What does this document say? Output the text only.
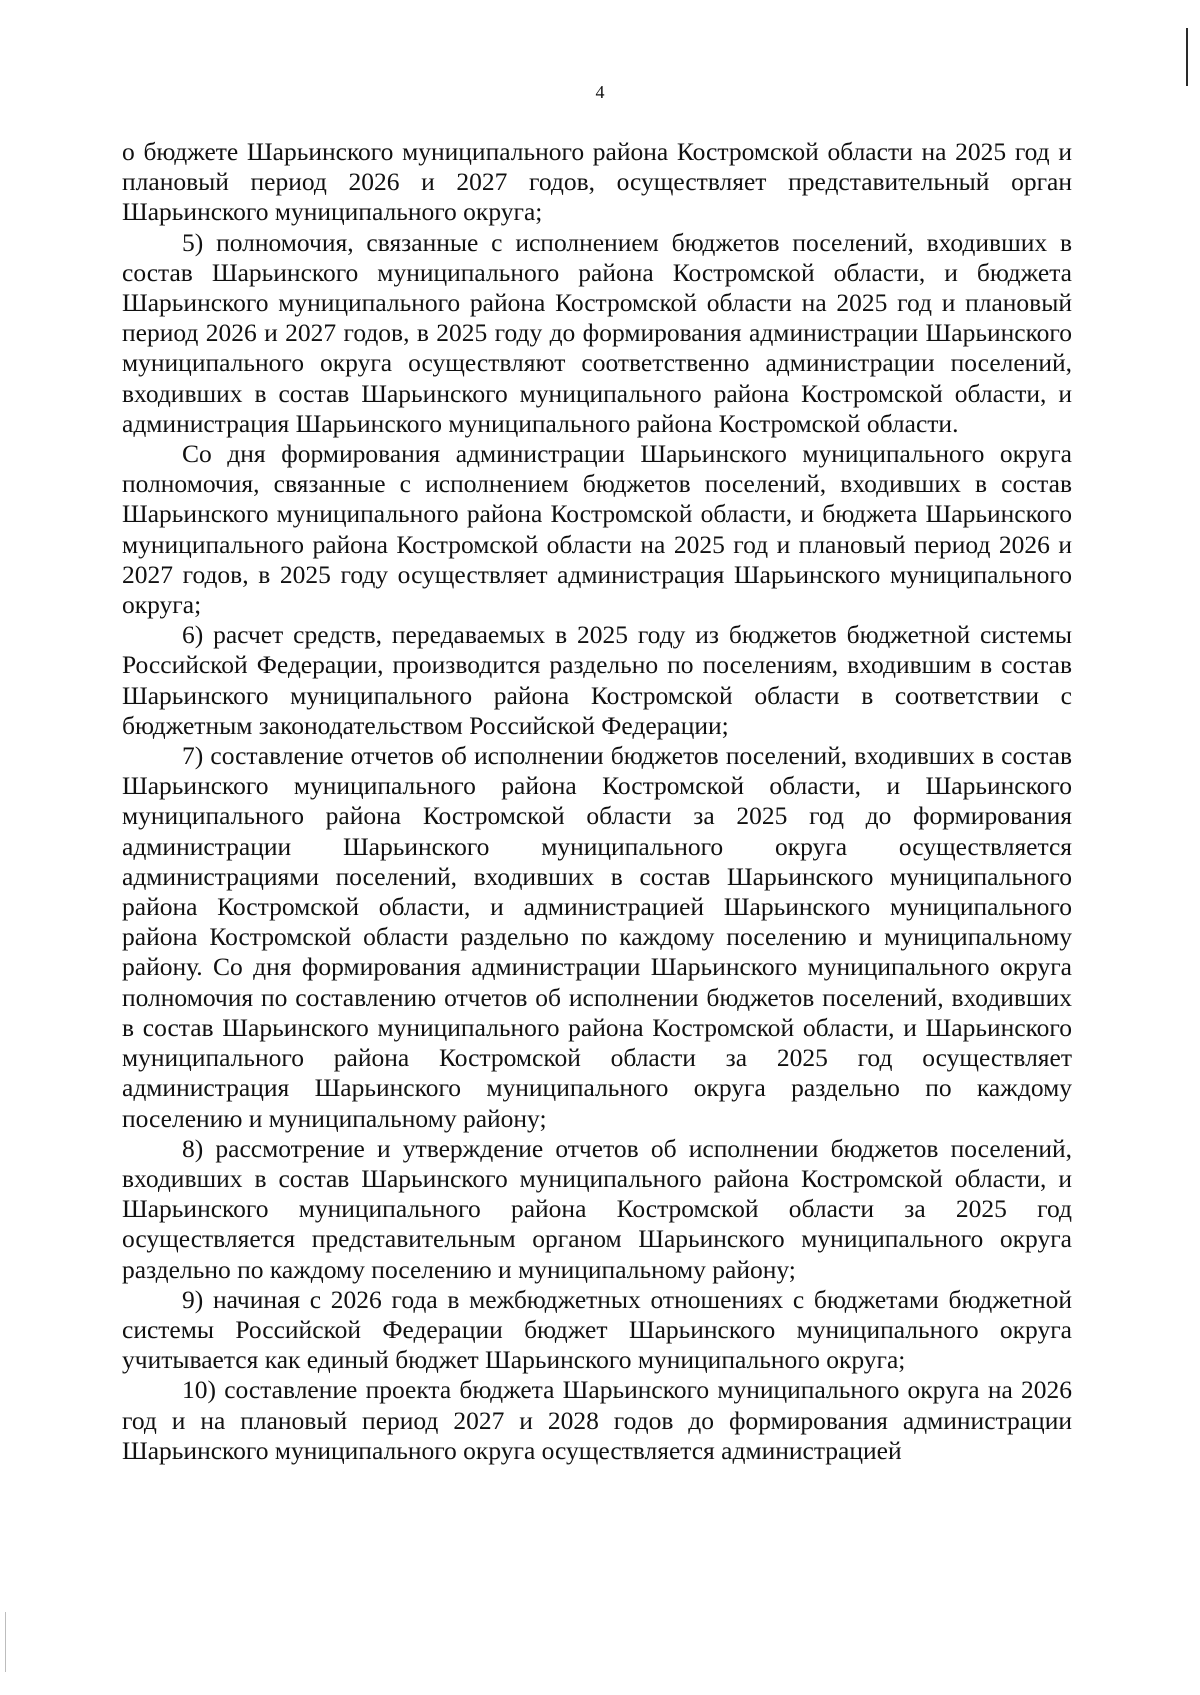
4

о бюджете Шарьинского муниципального района Костромской области на 2025 год и плановый период 2026 и 2027 годов, осуществляет представительный орган Шарьинского муниципального округа;

5) полномочия, связанные с исполнением бюджетов поселений, входивших в состав Шарьинского муниципального района Костромской области, и бюджета Шарьинского муниципального района Костромской области на 2025 год и плановый период 2026 и 2027 годов, в 2025 году до формирования администрации Шарьинского муниципального округа осуществляют соответственно администрации поселений, входивших в состав Шарьинского муниципального района Костромской области, и администрация Шарьинского муниципального района Костромской области.

Со дня формирования администрации Шарьинского муниципального округа полномочия, связанные с исполнением бюджетов поселений, входивших в состав Шарьинского муниципального района Костромской области, и бюджета Шарьинского муниципального района Костромской области на 2025 год и плановый период 2026 и 2027 годов, в 2025 году осуществляет администрация Шарьинского муниципального округа;

6) расчет средств, передаваемых в 2025 году из бюджетов бюджетной системы Российской Федерации, производится раздельно по поселениям, входившим в состав Шарьинского муниципального района Костромской области в соответствии с бюджетным законодательством Российской Федерации;

7) составление отчетов об исполнении бюджетов поселений, входивших в состав Шарьинского муниципального района Костромской области, и Шарьинского муниципального района Костромской области за 2025 год до формирования администрации Шарьинского муниципального округа осуществляется администрациями поселений, входивших в состав Шарьинского муниципального района Костромской области, и администрацией Шарьинского муниципального района Костромской области раздельно по каждому поселению и муниципальному району. Со дня формирования администрации Шарьинского муниципального округа полномочия по составлению отчетов об исполнении бюджетов поселений, входивших в состав Шарьинского муниципального района Костромской области, и Шарьинского муниципального района Костромской области за 2025 год осуществляет администрация Шарьинского муниципального округа раздельно по каждому поселению и муниципальному району;

8) рассмотрение и утверждение отчетов об исполнении бюджетов поселений, входивших в состав Шарьинского муниципального района Костромской области, и Шарьинского муниципального района Костромской области за 2025 год осуществляется представительным органом Шарьинского муниципального округа раздельно по каждому поселению и муниципальному району;

9) начиная с 2026 года в межбюджетных отношениях с бюджетами бюджетной системы Российской Федерации бюджет Шарьинского муниципального округа учитывается как единый бюджет Шарьинского муниципального округа;

10) составление проекта бюджета Шарьинского муниципального округа на 2026 год и на плановый период 2027 и 2028 годов до формирования администрации Шарьинского муниципального округа осуществляется администрацией
